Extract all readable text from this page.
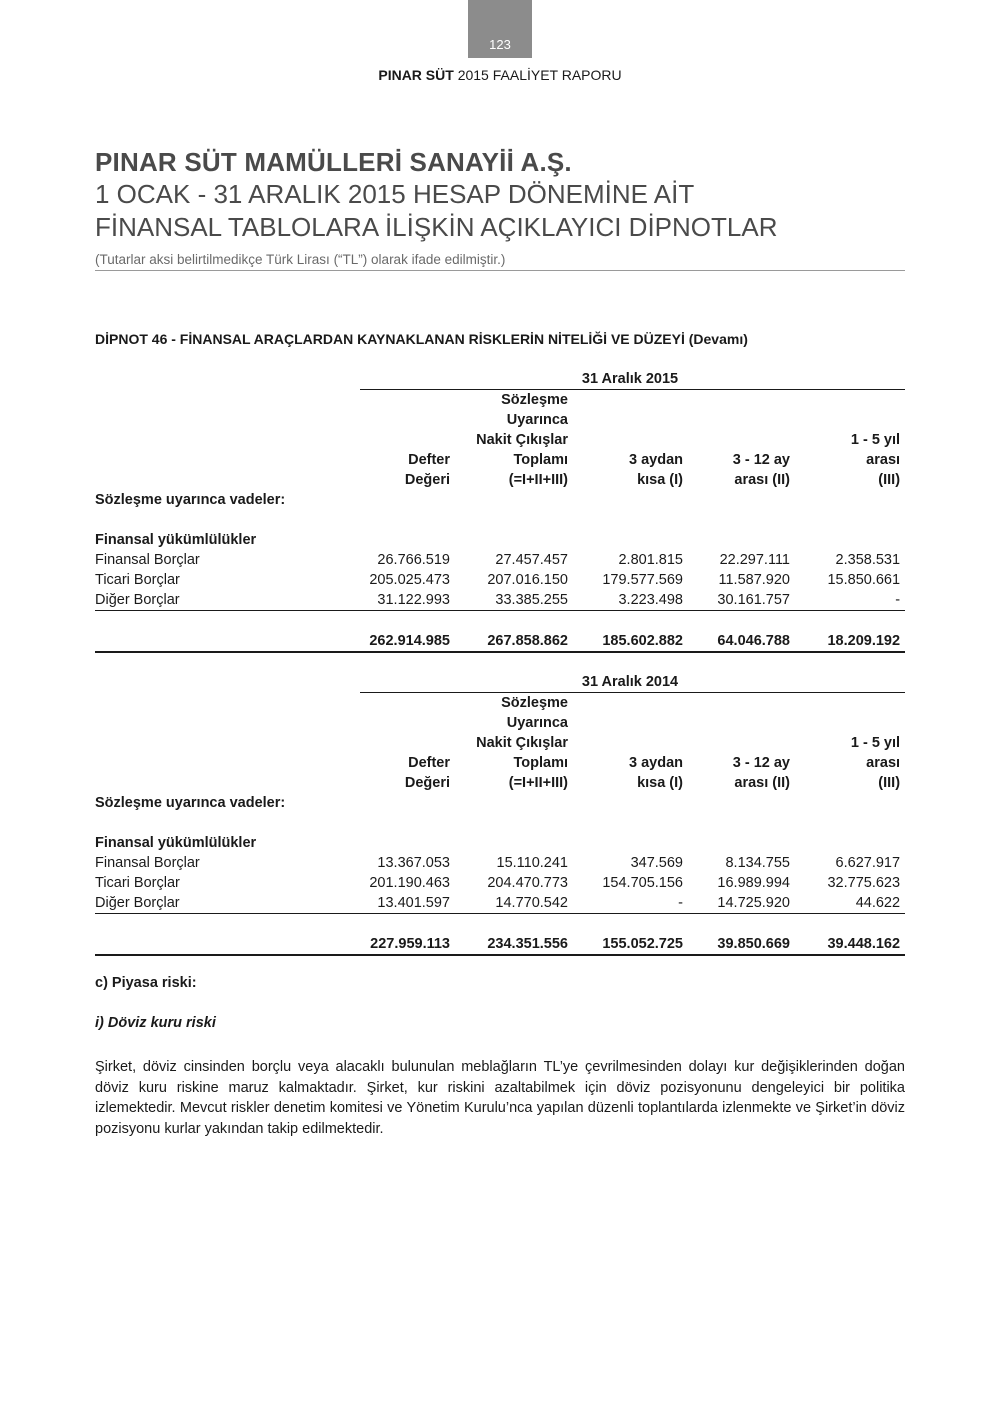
123
PINAR SÜT 2015 FAALİYET RAPORU

PINAR SÜT MAMÜLLERİ SANAYİİ A.Ş.

1 OCAK - 31 ARALIK 2015 HESAP DÖNEMİNE AİT

FİNANSAL TABLOLARA İLİŞKİN AÇIKLAYICI DİPNOTLAR

(Tutarlar aksi belirtilmedikçe Türk Lirası (“TL”) olarak ifade edilmiştir.)
DİPNOT 46 - FİNANSAL ARAÇLARDAN KAYNAKLANAN RİSKLERİN NİTELİĞİ VE DÜZEYİ (Devamı)
	31 Aralık 2015				
		Sözleşme			
		Uyarınca			
		Nakit Çıkışlar			1 - 5 yıl
	Defter	Toplamı	3 aydan	3 - 12 ay	arası
	Değeri	(=I+II+III)	kısa (I)	arası (II)	(III)
Sözleşme uyarınca vadeler:					

Finansal yükümlülükler					
Finansal Borçlar	26.766.519	27.457.457	2.801.815	22.297.111	2.358.531
Ticari Borçlar	205.025.473	207.016.150	179.577.569	11.587.920	15.850.661
Diğer Borçlar	31.122.993	33.385.255	3.223.498	30.161.757	-

	262.914.985	267.858.862	185.602.882	64.046.788	18.209.192
	31 Aralık 2014				
		Sözleşme			
		Uyarınca			
		Nakit Çıkışlar			1 - 5 yıl
	Defter	Toplamı	3 aydan	3 - 12 ay	arası
	Değeri	(=I+II+III)	kısa (I)	arası (II)	(III)
Sözleşme uyarınca vadeler:					

Finansal yükümlülükler					
Finansal Borçlar	13.367.053	15.110.241	347.569	8.134.755	6.627.917
Ticari Borçlar	201.190.463	204.470.773	154.705.156	16.989.994	32.775.623
Diğer Borçlar	13.401.597	14.770.542	-	14.725.920	44.622

	227.959.113	234.351.556	155.052.725	39.850.669	39.448.162
c) Piyasa riski:
i) Döviz kuru riski
Şirket, döviz cinsinden borçlu veya alacaklı bulunulan meblağların TL’ye çevrilmesinden dolayı kur değişiklerinden doğan döviz kuru riskine maruz kalmaktadır. Şirket, kur riskini azaltabilmek için döviz pozisyonunu dengeleyici bir politika izlemektedir. Mevcut riskler denetim komitesi ve Yönetim Kurulu’nca yapılan düzenli toplantılarda izlenmekte ve Şirket’in döviz pozisyonu kurlar yakından takip edilmektedir.
